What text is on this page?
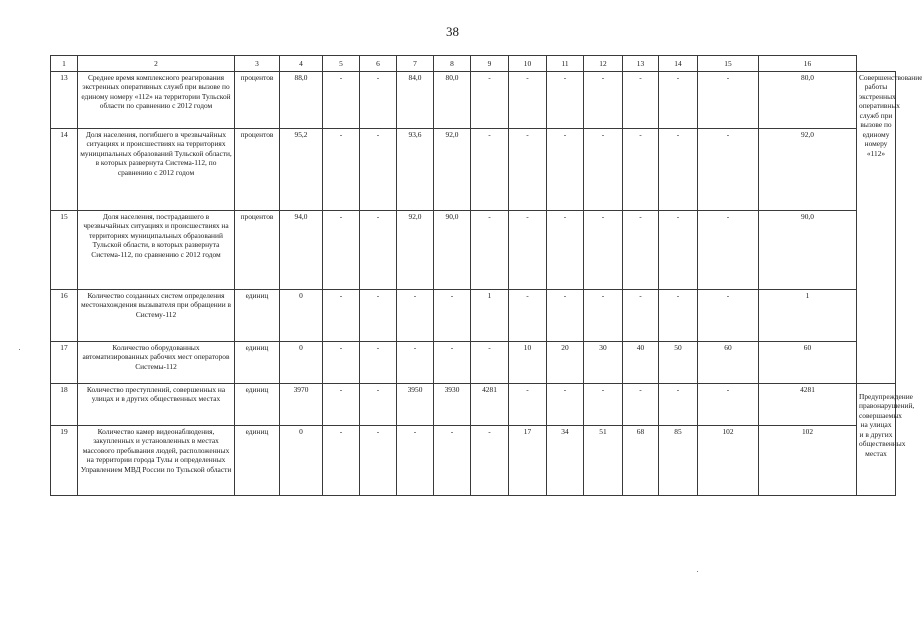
38
1	2	3	4	5	6	7	8	9	10	11	12	13	14	15	16	
13	Среднее время комплексного реагирования экстренных оперативных служб при вызове по единому номеру «112» на территории Тульской области по сравнению с 2012 годом	процентов	88,0	-	-	84,0	80,0	-	-	-	-	-	-	-	80,0	Совершенствование работы экстренных оперативных служб при вызове по единому номеру «112»
14	Доля населения, погибшего в чрезвычайных ситуациях и происшествиях на территориях муниципальных образований Тульской области, в которых развернута Система-112, по сравнению с 2012 годом	процентов	95,2	-	-	93,6	92,0	-	-	-	-	-	-	-	92,0	
15	Доля населения, пострадавшего в чрезвычайных ситуациях и происшествиях на территориях муниципальных образований Тульской области, в которых развернута Система-112, по сравнению с 2012 годом	процентов	94,0	-	-	92,0	90,0	-	-	-	-	-	-	-	90,0	
16	Количество созданных систем определения местонахождения вызывателя при обращении в Систему-112	единиц	0	-	-	-	-	1	-	-	-	-	-	-	1	
17	Количество оборудованных автоматизированных рабочих мест операторов Системы-112	единиц	0	-	-	-	-	-	10	20	30	40	50	60	60	
18	Количество преступлений, совершенных на улицах и в других общественных местах	единиц	3970	-	-	3950	3930	4281	-	-	-	-	-	-	4281	Предупреждение правонарушений, совершаемых на улицах и в других общественных местах
19	Количество камер видеонаблюдения, закупленных и установленных в местах массового пребывания людей, расположенных на территории города Тулы и определенных Управлением МВД России по Тульской области	единиц	0	-	-	-	-	-	17	34	51	68	85	102	102	
